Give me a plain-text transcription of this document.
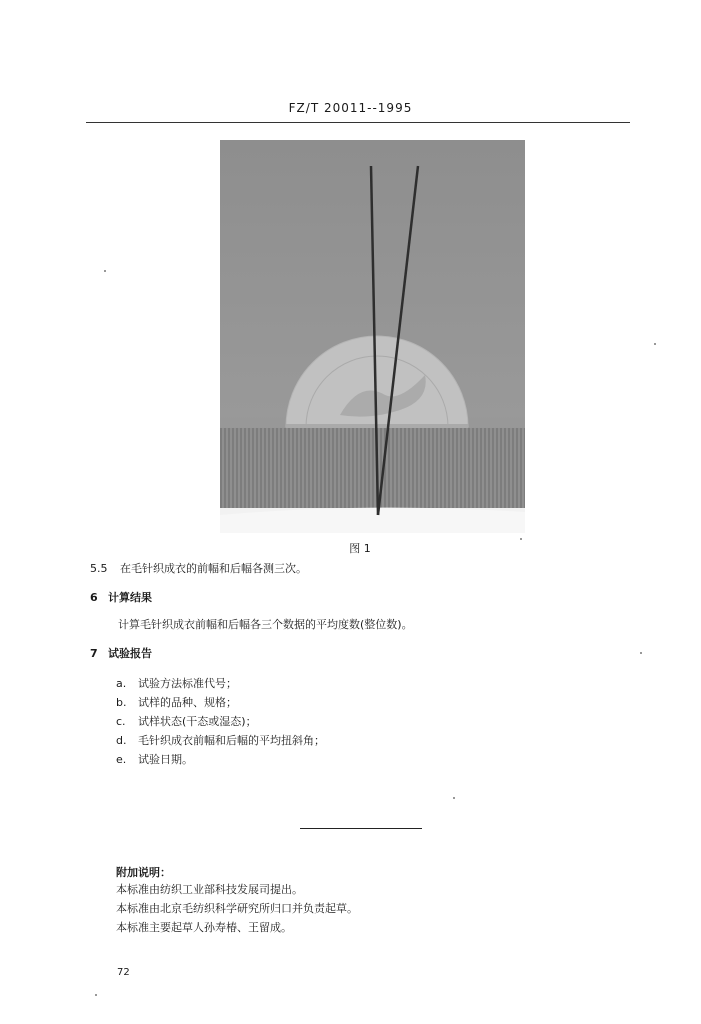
FZ/T 20011--1995
图 1
5.5 在毛针织成衣的前幅和后幅各测三次。
6 计算结果
计算毛针织成衣前幅和后幅各三个数据的平均度数(整位数)。
7 试验报告
a. 试验方法标准代号；
b. 试样的品种、规格；
c. 试样状态(干态或湿态)；
d. 毛针织成衣前幅和后幅的平均扭斜角；
e. 试验日期。
附加说明：
本标准由纺织工业部科技发展司提出。
本标准由北京毛纺织科学研究所归口并负责起草。
本标准主要起草人孙寿椿、王留成。
72
